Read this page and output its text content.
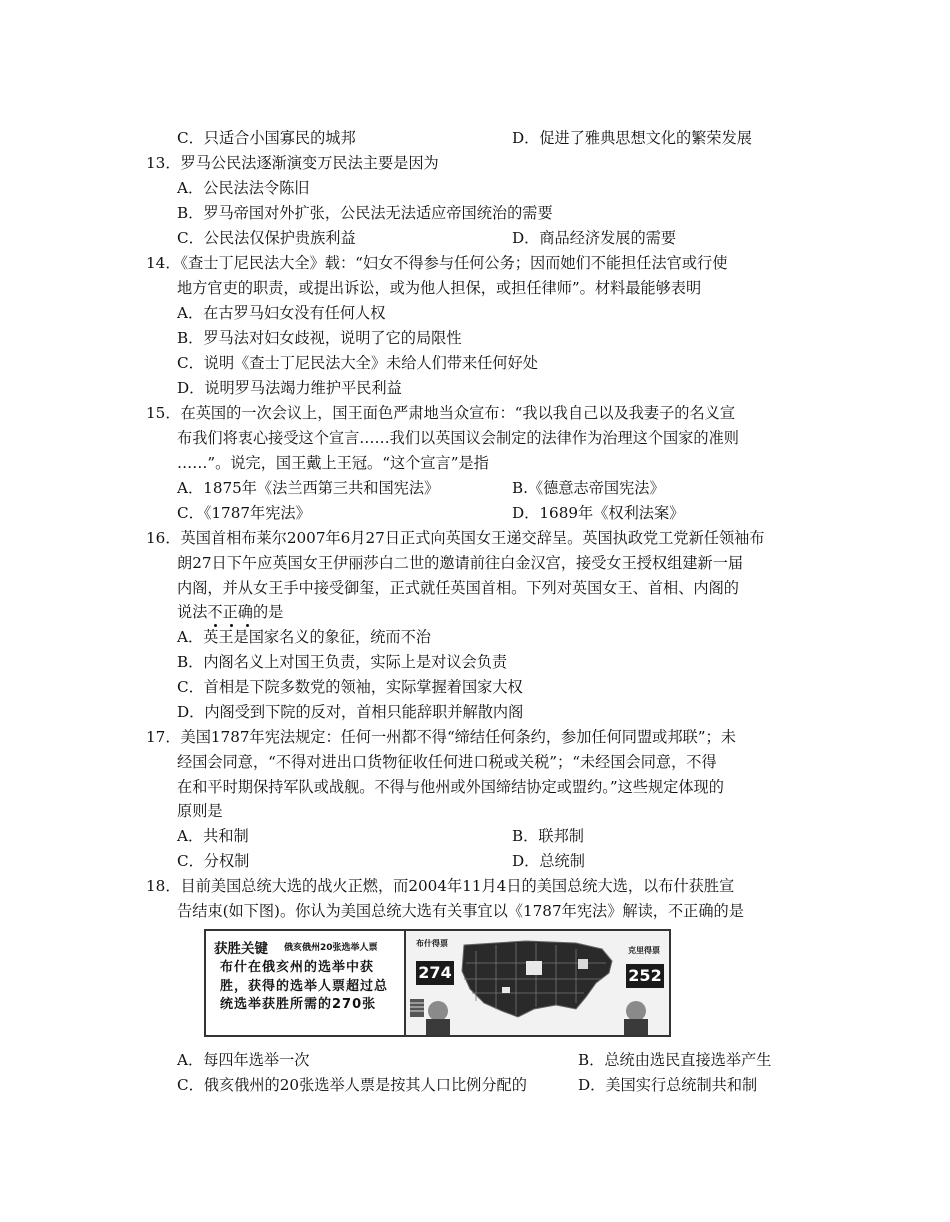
C．只适合小国寡民的城邦	D．促进了雅典思想文化的繁荣发展
13．罗马公民法逐渐演变万民法主要是因为
A．公民法法令陈旧
B．罗马帝国对外扩张，公民法无法适应帝国统治的需要
C．公民法仅保护贵族利益	D．商品经济发展的需要
14．《查士丁尼民法大全》载：“妇女不得参与任何公务；因而她们不能担任法官或行使
地方官吏的职责，或提出诉讼，或为他人担保，或担任律师”。材料最能够表明
A．在古罗马妇女没有任何人权
B．罗马法对妇女歧视，说明了它的局限性
C．说明《查士丁尼民法大全》未给人们带来任何好处
D．说明罗马法竭力维护平民利益
15．在英国的一次会议上，国王面色严肃地当众宣布：“我以我自己以及我妻子的名义宣
布我们将衷心接受这个宣言……我们以英国议会制定的法律作为治理这个国家的准则
……”。说完，国王戴上王冠。“这个宣言”是指
A．1875年《法兰西第三共和国宪法》	B.《德意志帝国宪法》
C．《1787年宪法》	D．1689年《权利法案》
16．英国首相布莱尔2007年6月27日正式向英国女王递交辞呈。英国执政党工党新任领袖布
朗27日下午应英国女王伊丽莎白二世的邀请前往白金汉宫，接受女王授权组建新一届
内阁，并从女王手中接受御玺，正式就任英国首相。下列对英国女王、首相、内阁的
说法不正确的是
A．英王是国家名义的象征，统而不治
B．内阁名义上对国王负责，实际上是对议会负责
C．首相是下院多数党的领袖，实际掌握着国家大权
D．内阁受到下院的反对，首相只能辞职并解散内阁
17．美国1787年宪法规定：任何一州都不得“缔结任何条约，参加任何同盟或邦联”；未
经国会同意，“不得对进出口货物征收任何进口税或关税”；“未经国会同意，不得
在和平时期保持军队或战舰。不得与他州或外国缔结协定或盟约。”这些规定体现的
原则是
A．共和制	B．联邦制
C．分权制	D．总统制
18．目前美国总统大选的战火正燃，而2004年11月4日的美国总统大选，以布什获胜宣
告结束(如下图)。你认为美国总统大选有关事宜以《1787年宪法》解读，不正确的是
获胜关键 俄亥俄州20张选举人票
布什在俄亥州的选举中获胜，获得的选举人票超过总统选举获胜所需的270张
布什得票
274
克里得票
252
A．每四年选举一次	B．总统由选民直接选举产生
C．俄亥俄州的20张选举人票是按其人口比例分配的	D．美国实行总统制共和制
